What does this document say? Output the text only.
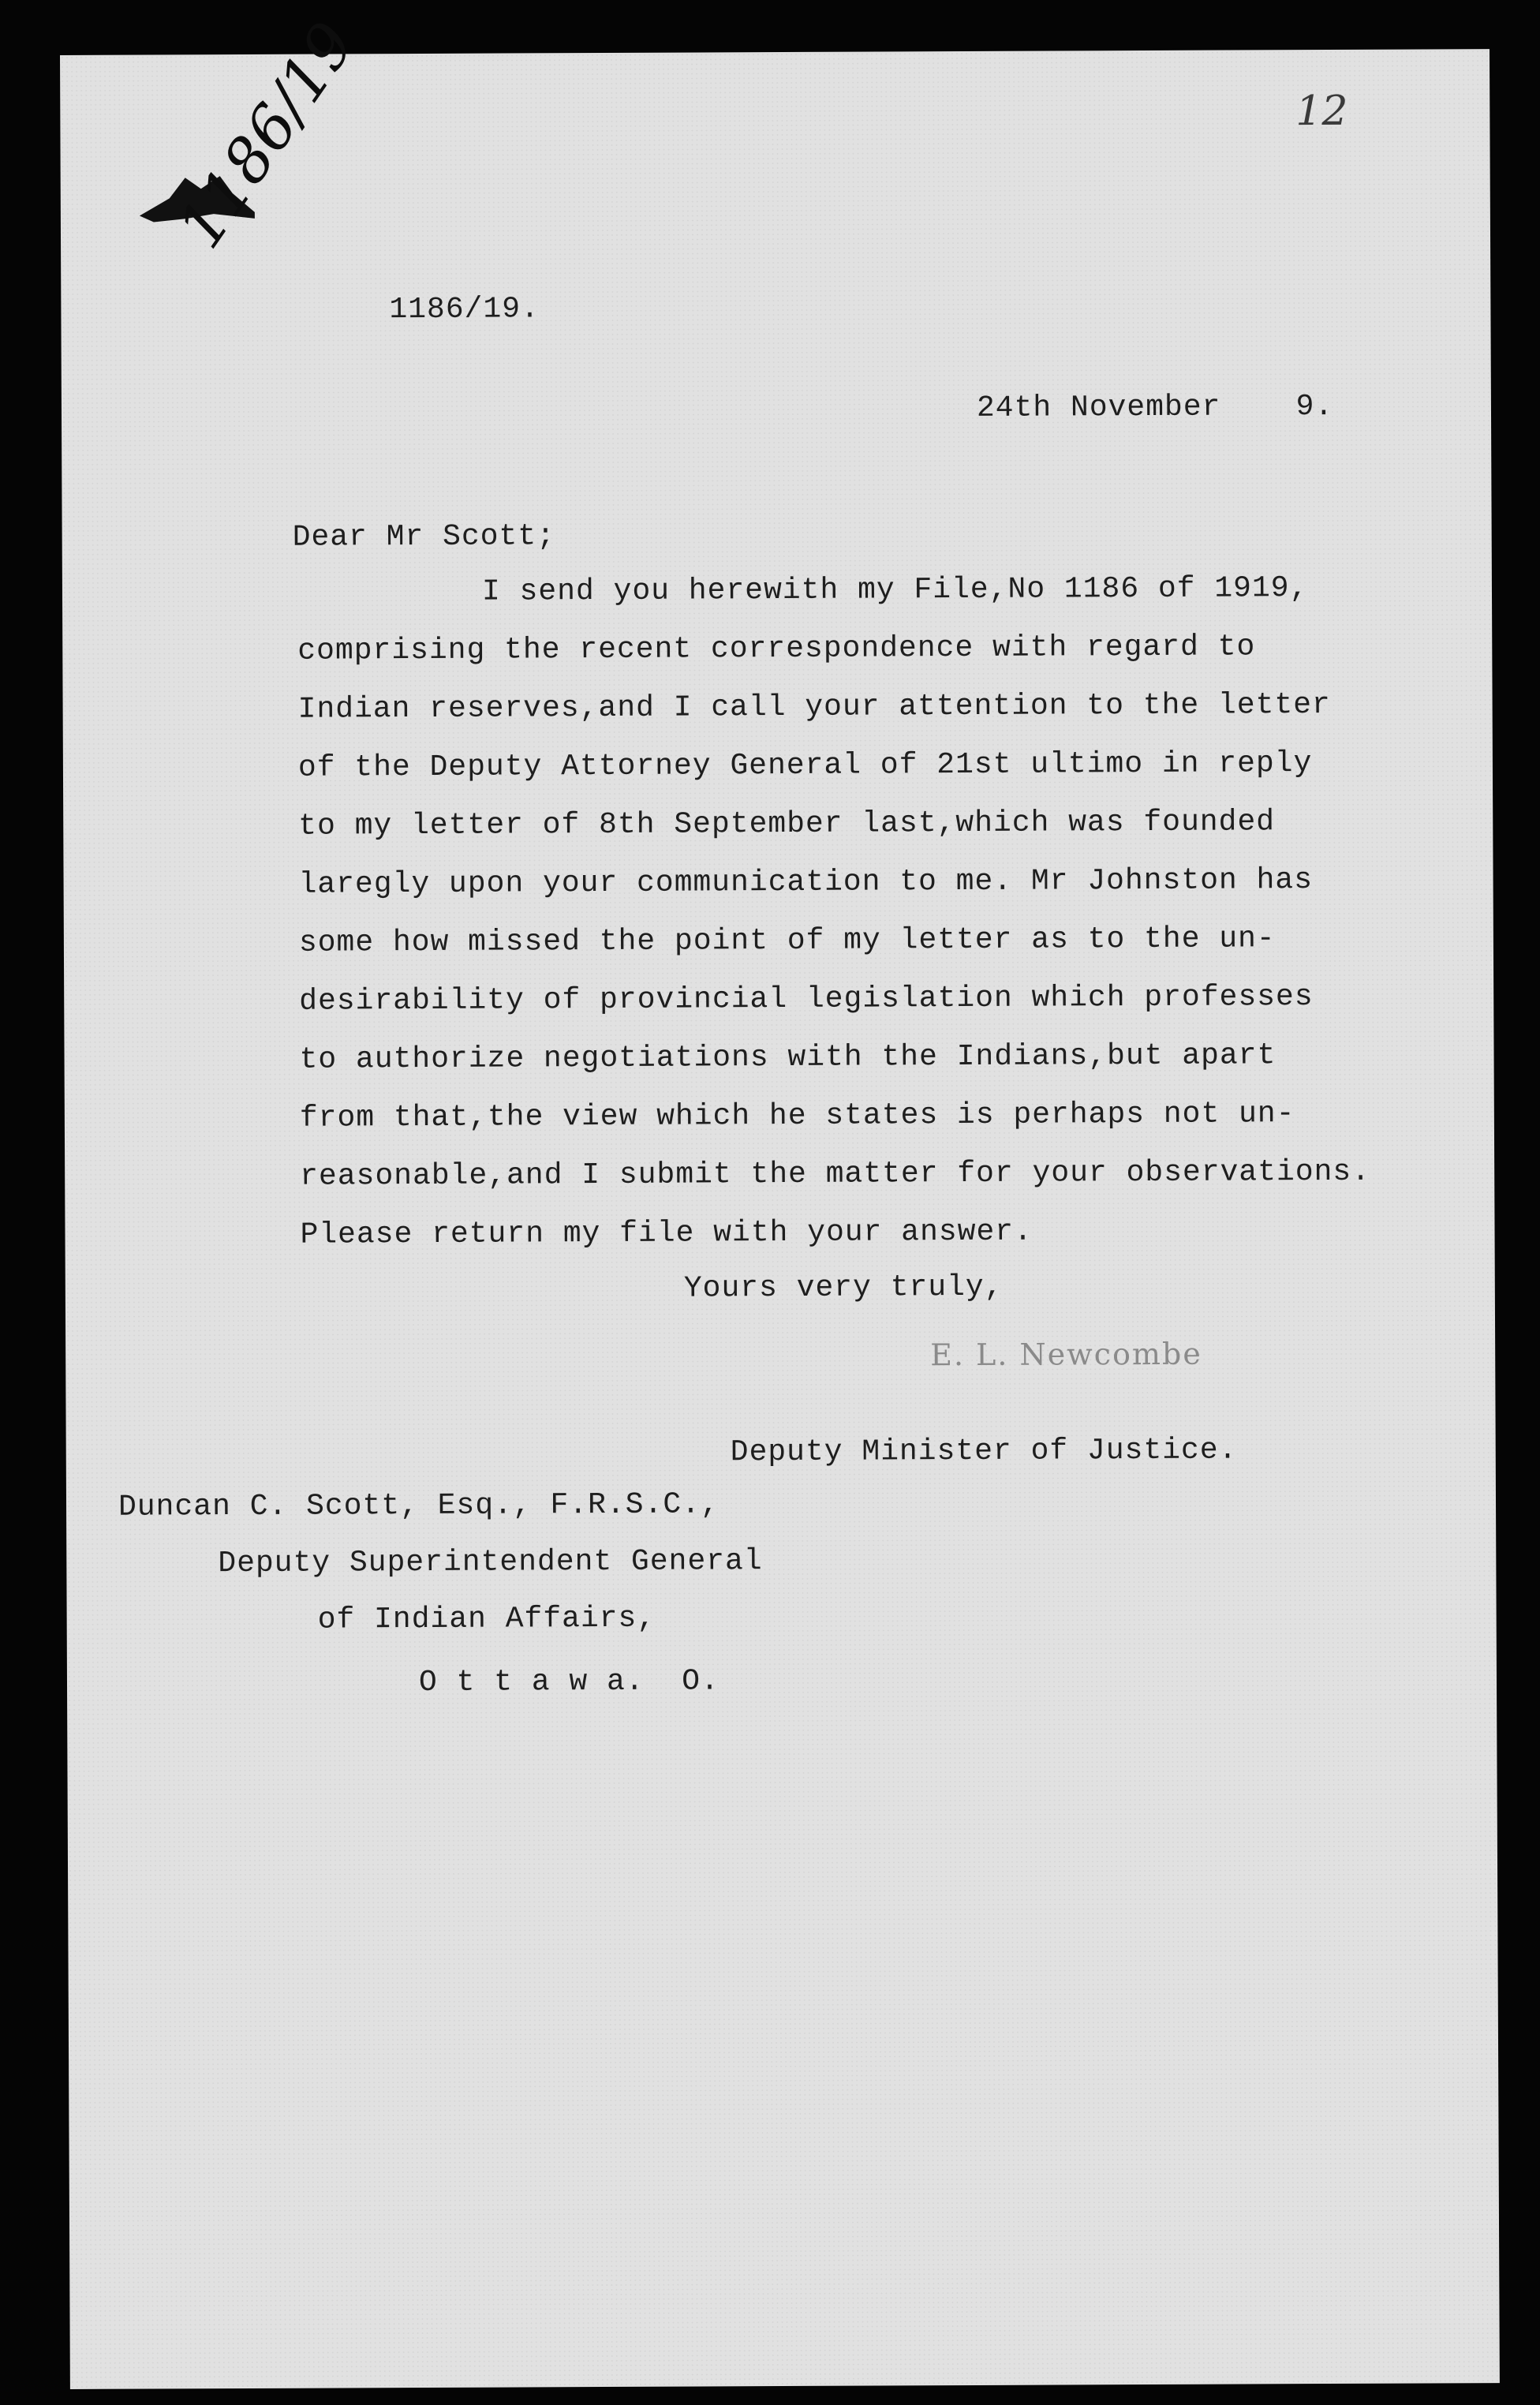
1186/19	12
1186/19.
24th November    9.
Dear Mr Scott;
I send you herewith my File,No 1186 of 1919,
comprising the recent correspondence with regard to
Indian reserves,and I call your attention to the letter
of the Deputy Attorney General of 21st ultimo in reply
to my letter of 8th September last,which was founded
laregly upon your communication to me. Mr Johnston has
some how missed the point of my letter as to the un-
desirability of provincial legislation which professes
to authorize negotiations with the Indians,but apart
from that,the view which he states is perhaps not un-
reasonable,and I submit the matter for your observations.
Please return my file with your answer.
Yours very truly,
E. L. Newcombe
Deputy Minister of Justice.
Duncan C. Scott, Esq., F.R.S.C.,
Deputy Superintendent General
of Indian Affairs,
O t t a w a.  O.
